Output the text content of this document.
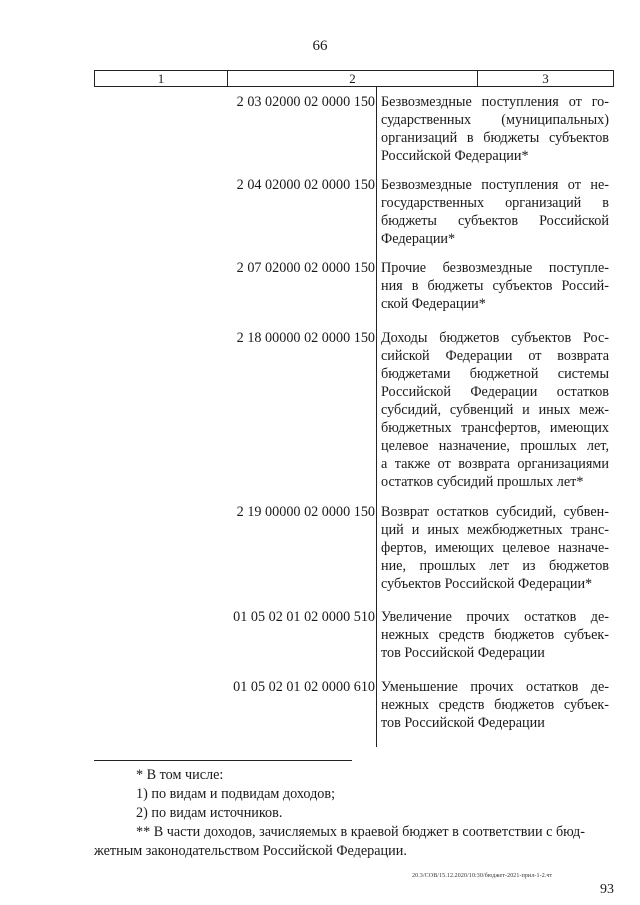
66
1	2	3
2 03 02000 02 0000 150 Безвозмездные поступления от го-
сударственных (муниципальных)
организаций в бюджеты субъектов
Российской Федерации*
2 04 02000 02 0000 150 Безвозмездные поступления от не-
государственных организаций в
бюджеты субъектов Российской
Федерации*
2 07 02000 02 0000 150 Прочие безвозмездные поступле-
ния в бюджеты субъектов Россий-
ской Федерации*
2 18 00000 02 0000 150 Доходы бюджетов субъектов Рос-
сийской Федерации от возврата
бюджетами бюджетной системы
Российской Федерации остатков
субсидий, субвенций и иных меж-
бюджетных трансфертов, имеющих
целевое назначение, прошлых лет,
а также от возврата организациями
остатков субсидий прошлых лет*
2 19 00000 02 0000 150 Возврат остатков субсидий, субвен-
ций и иных межбюджетных транс-
фертов, имеющих целевое назначе-
ние, прошлых лет из бюджетов
субъектов Российской Федерации*
01 05 02 01 02 0000 510 Увеличение прочих остатков де-
нежных средств бюджетов субъек-
тов Российской Федерации
01 05 02 01 02 0000 610 Уменьшение прочих остатков де-
нежных средств бюджетов субъек-
тов Российской Федерации
* В том числе:
1) по видам и подвидам доходов;
2) по видам источников.
** В части доходов, зачисляемых в краевой бюджет в соответствии с бюд-
жетным законодательством Российской Федерации.
20.3/СОВ/15.12.2020/10:30/бюджет-2021-прил-1-2.чт
93
